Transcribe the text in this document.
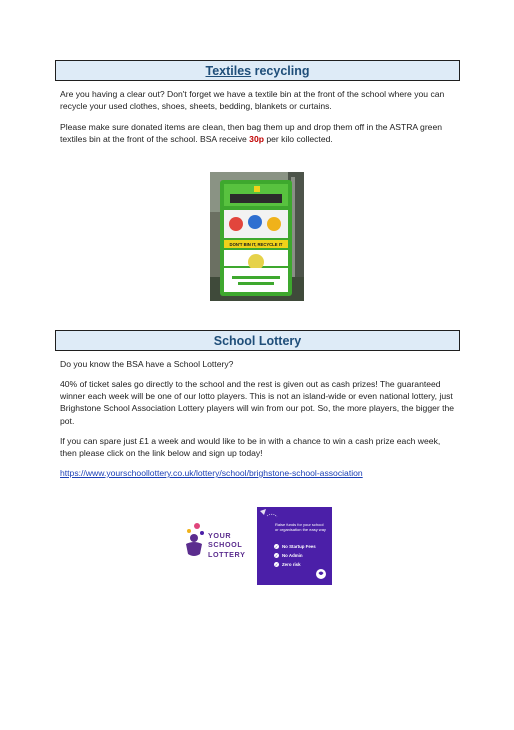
Textiles recycling
Are you having a clear out? Don't forget we have a textile bin at the front of the school where you can recycle your used clothes, shoes, sheets, bedding, blankets or curtains.
Please make sure donated items are clean, then bag them up and drop them off in the ASTRA green textiles bin at the front of the school. BSA receive 30p per kilo collected.
DON'T BIN IT, RECYCLE IT
School Lottery
Do you know the BSA have a School Lottery?
40% of ticket sales go directly to the school and the rest is given out as cash prizes! The guaranteed winner each week will be one of our lotto players. This is not an island-wide or even national lottery, just Brighstone School Association Lottery players will win from our pot. So, the more players, the bigger the pot.
If you can spare just £1 a week and would like to be in with a chance to win a cash prize each week, then please click on the link below and sign up today!
https://www.yourschoollottery.co.uk/lottery/school/brighstone-school-association
YOUR
SCHOOL
LOTTERY
Raise funds for your school or organisation the easy way
✓ No Startup Fees
✓ No Admin
✓ Zero risk
